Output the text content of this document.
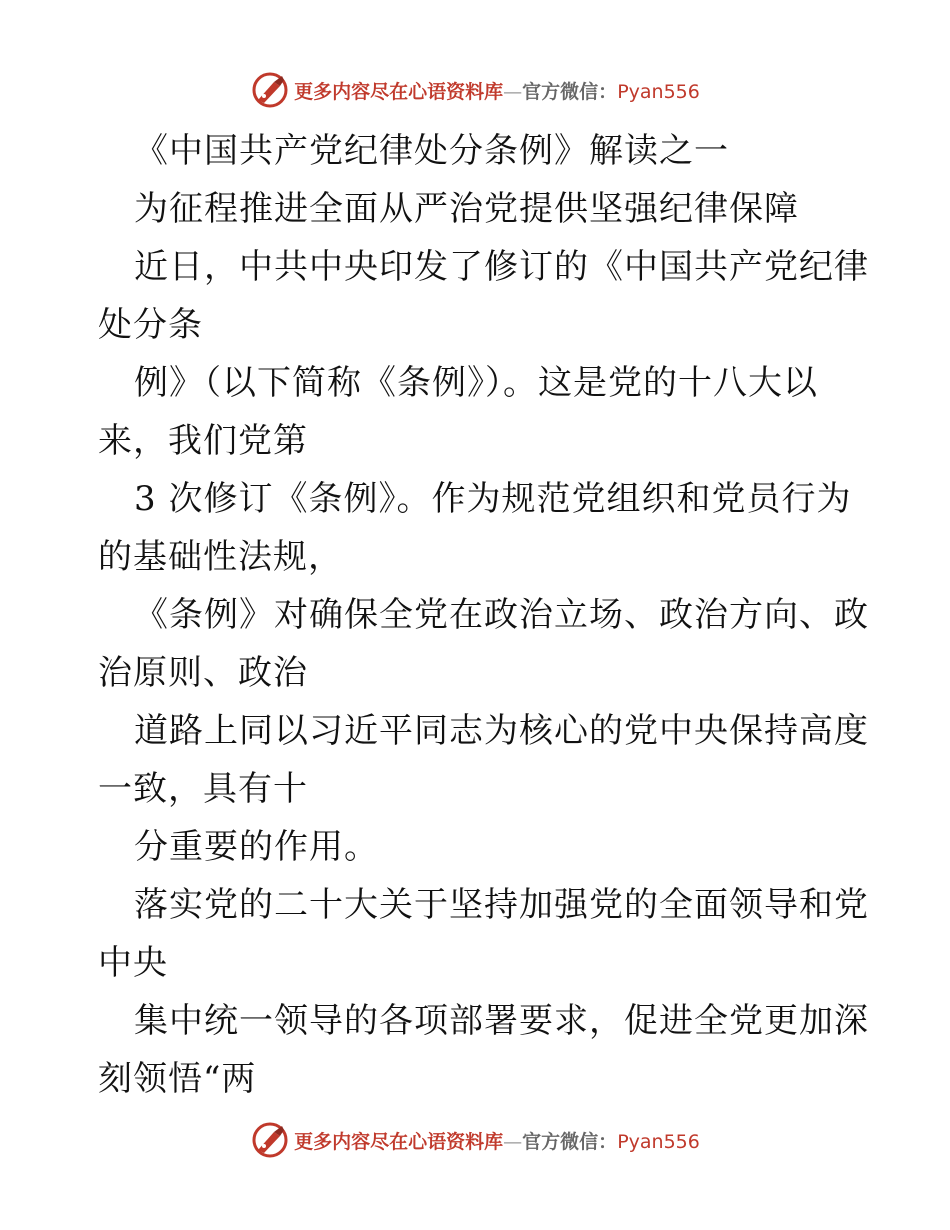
更多内容尽在心语资料库—官方微信：Pyan556
《中国共产党纪律处分条例》解读之一
为征程推进全面从严治党提供坚强纪律保障
近日，中共中央印发了修订的《中国共产党纪律
处分条
例》（以下简称《条例》）。这是党的十八大以
来，我们党第
3 次修订《条例》。作为规范党组织和党员行为
的基础性法规，
《条例》对确保全党在政治立场、政治方向、政
治原则、政治
道路上同以习近平同志为核心的党中央保持高度
一致，具有十
分重要的作用。
落实党的二十大关于坚持加强党的全面领导和党
中央
集中统一领导的各项部署要求，促进全党更加深
刻领悟“两
更多内容尽在心语资料库—官方微信：Pyan556
